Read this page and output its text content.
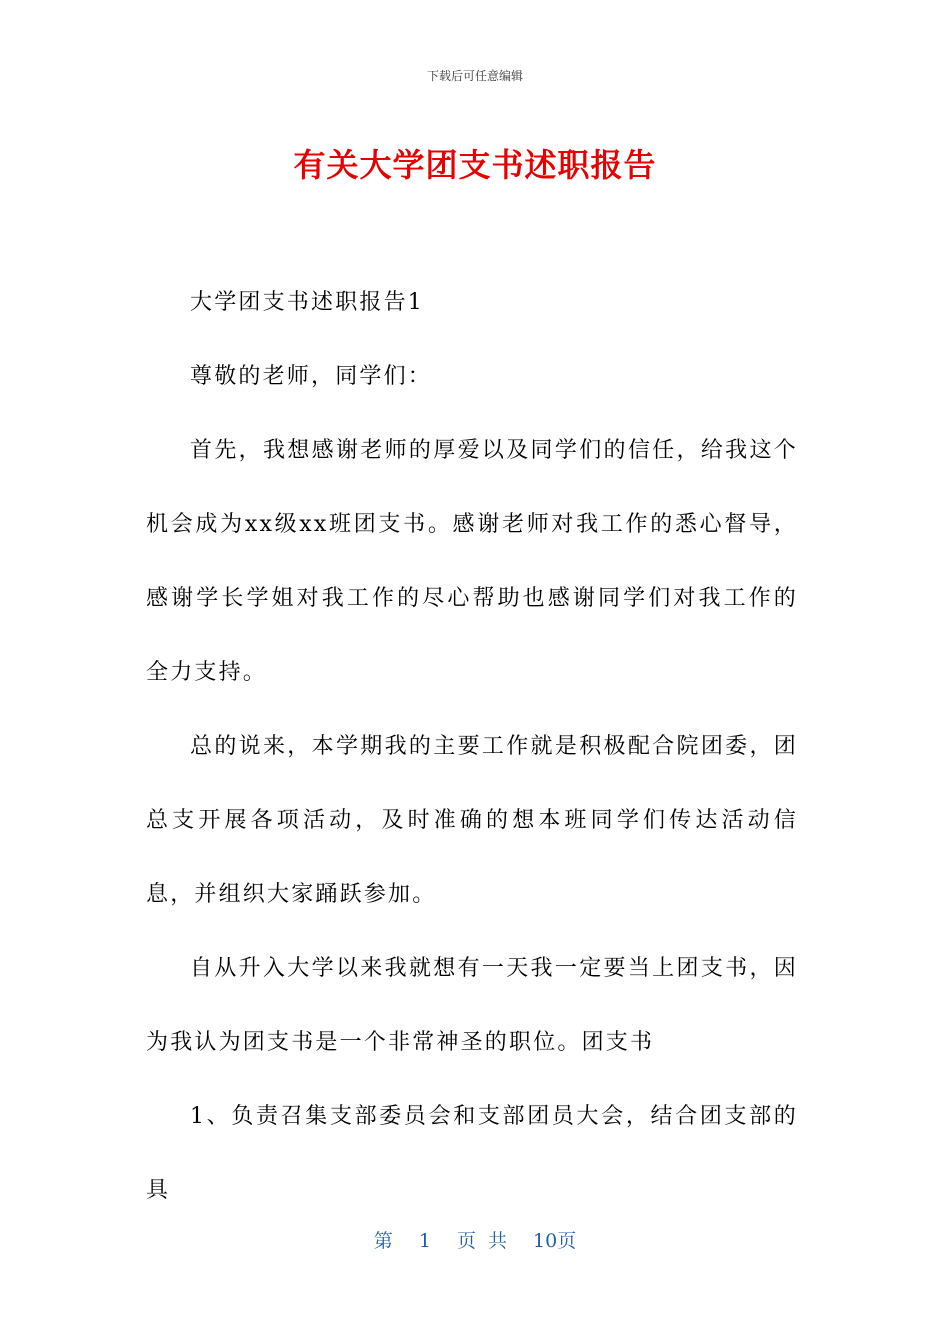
下载后可任意编辑
有关大学团支书述职报告

大学团支书述职报告1

尊敬的老师，同学们：

首先，我想感谢老师的厚爱以及同学们的信任，给我这个机会成为xx级xx班团支书。感谢老师对我工作的悉心督导，感谢学长学姐对我工作的尽心帮助也感谢同学们对我工作的全力支持。

总的说来，本学期我的主要工作就是积极配合院团委，团总支开展各项活动，及时准确的想本班同学们传达活动信息，并组织大家踊跃参加。

自从升入大学以来我就想有一天我一定要当上团支书，因为我认为团支书是一个非常神圣的职位。团支书

1、负责召集支部委员会和支部团员大会，结合团支部的具

第 1 页 共 10页
